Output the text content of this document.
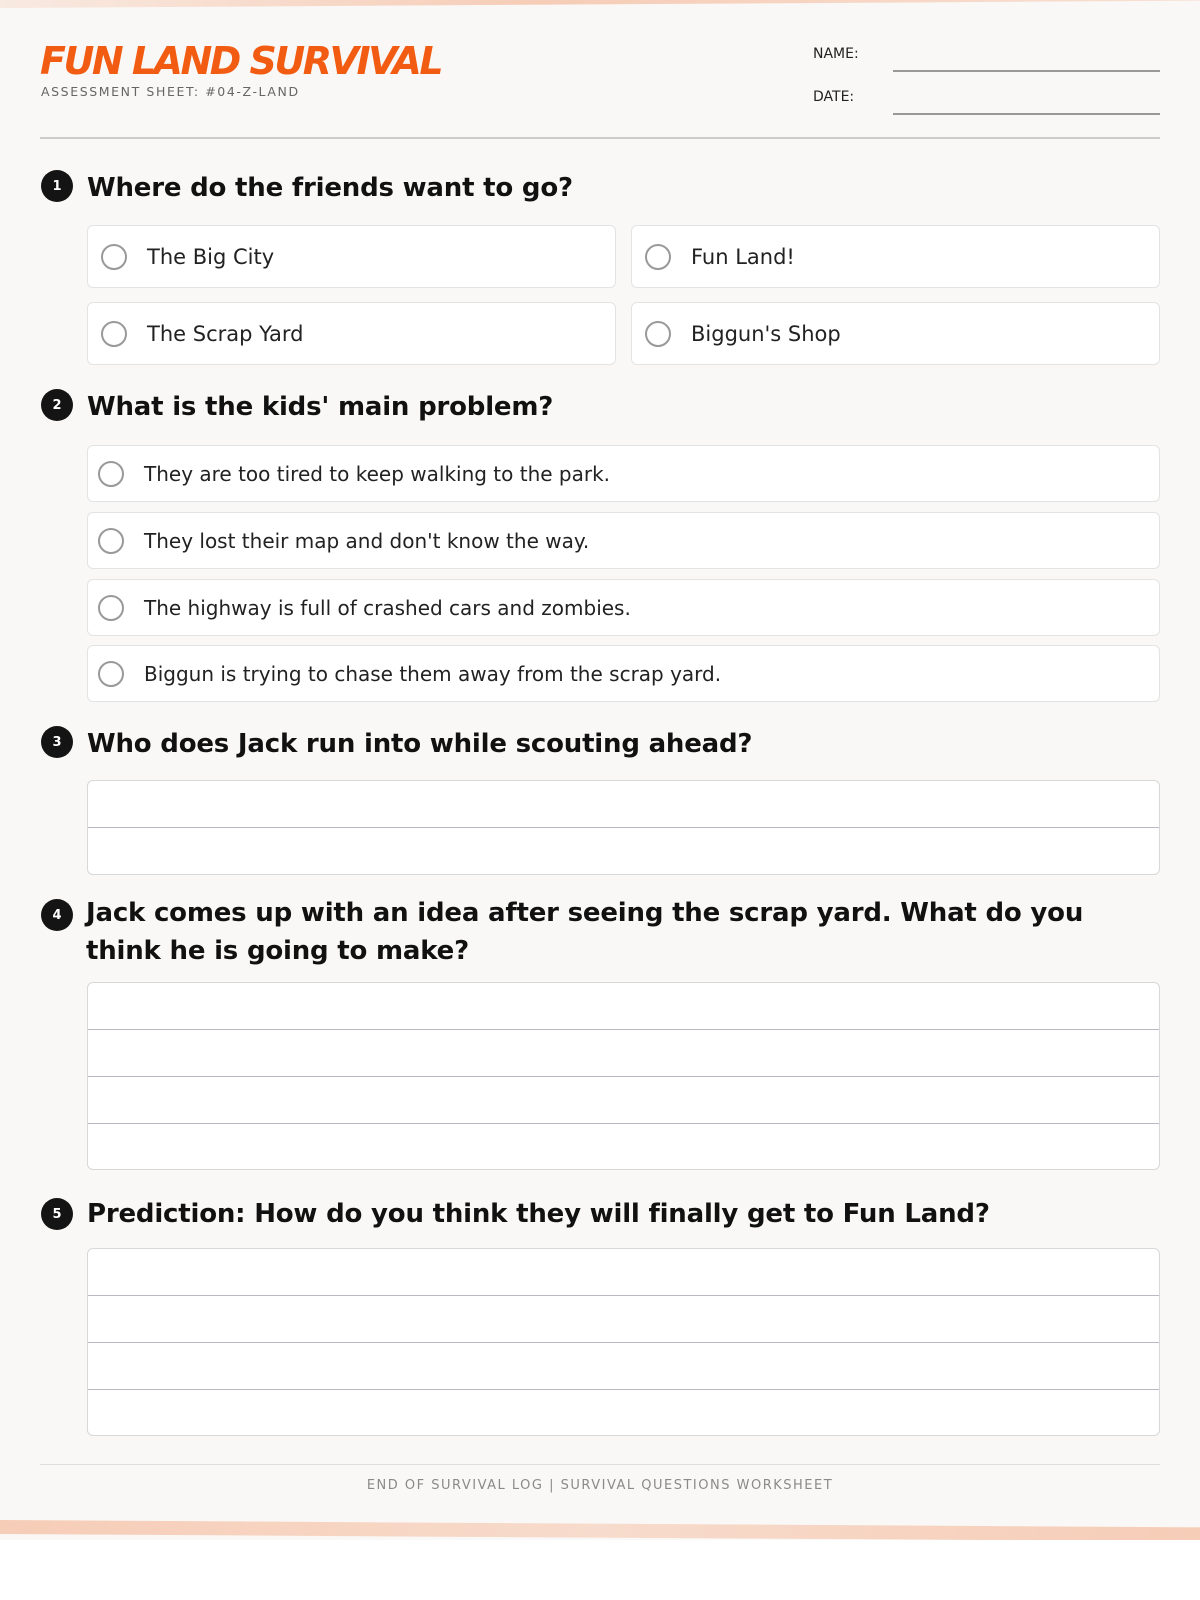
FUN LAND SURVIVAL
ASSESSMENT SHEET: #04-Z-LAND
NAME:
DATE:
1 Where do the friends want to go?
The Big City	Fun Land!
The Scrap Yard	Biggun's Shop
2 What is the kids' main problem?
They are too tired to keep walking to the park.
They lost their map and don't know the way.
The highway is full of crashed cars and zombies.
Biggun is trying to chase them away from the scrap yard.
3 Who does Jack run into while scouting ahead?
4 Jack comes up with an idea after seeing the scrap yard. What do you
think he is going to make?
5 Prediction: How do you think they will finally get to Fun Land?
END OF SURVIVAL LOG | SURVIVAL QUESTIONS WORKSHEET
